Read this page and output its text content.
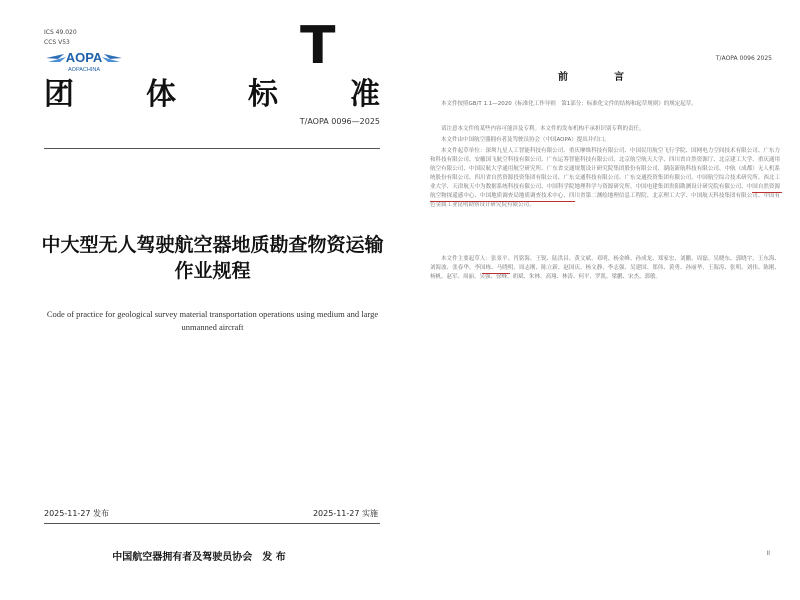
ICS 49.020
CCS V53
AOPA
AOPACHINA	T
团 体 标 准
T/AOPA 0096—2025
中大型无人驾驶航空器地质勘查物资运输作业规程
Code of practice for geological survey material transportation operations using medium and large unmanned aircraft
2025-11-27 发布	2025-11-27 实施
中国航空器拥有者及驾驶员协会　发 布
T/AOPA 0096 2025
前　言
本文件按照GB/T 1.1—2020《标准化工作导则　第1部分：标准化文件的结构和起草规则》的规定起草。
请注意本文件的某些内容可能涉及专利。本文件的发布机构不承担识别专利的责任。
本文件由中国航空器拥有者及驾驶员协会（中国AOPA）提出并归口。
本文件起草单位：深圳九星人工智能科技有限公司、重庆摩维科技有限公司、中国民用航空飞行学院、国网电力空间技术有限公司、广东力和科技有限公司、安徽国飞航空科技有限公司、广东运筹智能科技有限公司、北京航空航天大学、四川省自然资源厅、北京建工大学、重庆通用航空有限公司、中国民航大学通用航空研究所、广东省交通规划设计研究院集团股份有限公司、湖南新航科技有限公司、中航（成都）无人机系统股份有限公司、四川省自然资源投资集团有限公司、广东交通科技有限公司、广东交通投资集团有限公司、中国航空综合技术研究所、西北工业大学、天津航天中为数据系统科技有限公司、中国科学院地理科学与资源研究所、中国电建集团贵阳勘测设计研究院有限公司、中国自然资源航空物探遥感中心、中国地质调查局地质调查技术中心、四川省第二测绘地理信息工程院、北京理工大学、中国航天科技集团有限公司、中国有色金属工业昆明勘察设计研究院有限公司。
本文件主要起草人：张景平、肖铭海、王锐、陆洪昌、黄文斌、邓明、杨金峰、孙成龙、郑家宏、刘鹏、周磊、吴晓东、郭晓宇、王东海、刘海波、张春华、李国栋、马晓明、周志刚、陈立新、赵国庆、杨文静、李志强、吴建国、郑伟、黄勇、孙丽华、王海涛、张明、刘伟、陈刚、杨帆、赵军、周丽、吴强、徐峰、胡斌、朱林、高翔、林涛、何平、罗凯、梁鹏、宋杰、郭敏。
II
